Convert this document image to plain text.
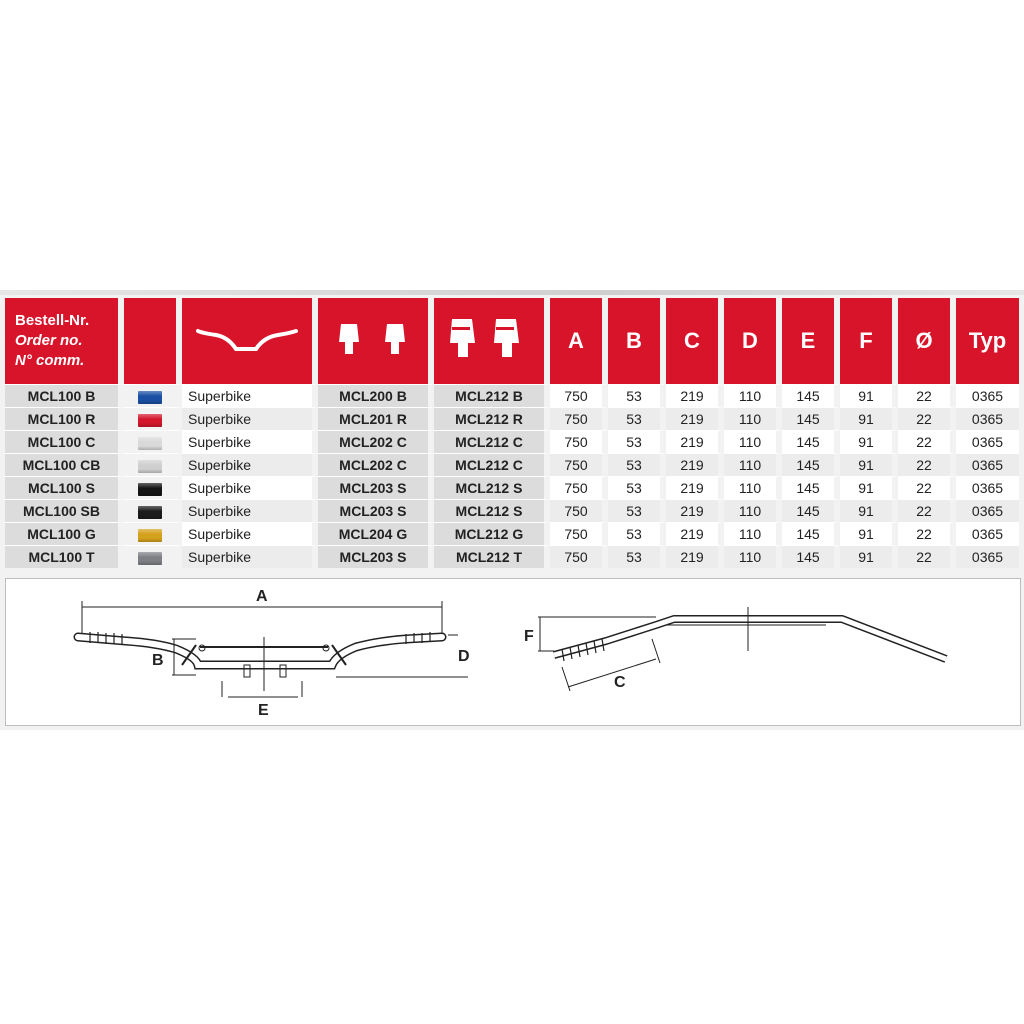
Bestell-Nr.
Order no.
N° comm.					A	B	C	D	E	F	Ø	Typ
MCL100 B		Superbike	MCL200 B	MCL212 B	750	53	219	110	145	91	22	0365
MCL100 R		Superbike	MCL201 R	MCL212 R	750	53	219	110	145	91	22	0365
MCL100 C		Superbike	MCL202 C	MCL212 C	750	53	219	110	145	91	22	0365
MCL100 CB		Superbike	MCL202 C	MCL212 C	750	53	219	110	145	91	22	0365
MCL100 S		Superbike	MCL203 S	MCL212 S	750	53	219	110	145	91	22	0365
MCL100 SB		Superbike	MCL203 S	MCL212 S	750	53	219	110	145	91	22	0365
MCL100 G		Superbike	MCL204 G	MCL212 G	750	53	219	110	145	91	22	0365
MCL100 T		Superbike	MCL203 S	MCL212 T	750	53	219	110	145	91	22	0365
A
B	D
E
F
C
